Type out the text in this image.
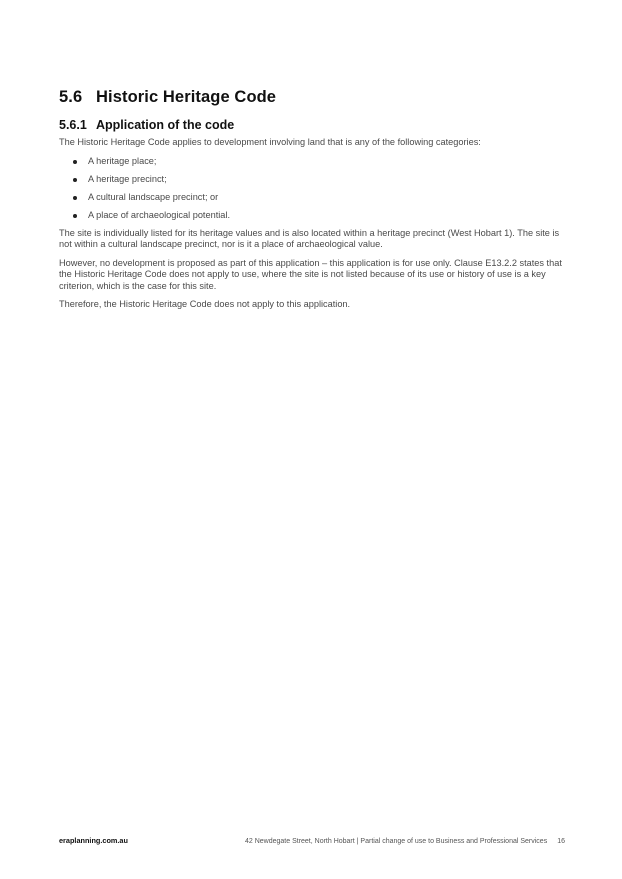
5.6 Historic Heritage Code
5.6.1 Application of the code

The Historic Heritage Code applies to development involving land that is any of the following categories:

A heritage place;
A heritage precinct;
A cultural landscape precinct; or
A place of archaeological potential.

The site is individually listed for its heritage values and is also located within a heritage precinct (West Hobart 1). The site is not within a cultural landscape precinct, nor is it a place of archaeological value.

However, no development is proposed as part of this application – this application is for use only. Clause E13.2.2 states that the Historic Heritage Code does not apply to use, where the site is not listed because of its use or history of use is a key criterion, which is the case for this site.

Therefore, the Historic Heritage Code does not apply to this application.

eraplanning.com.au	42 Newdegate Street, North Hobart | Partial change of use to Business and Professional Services 16
